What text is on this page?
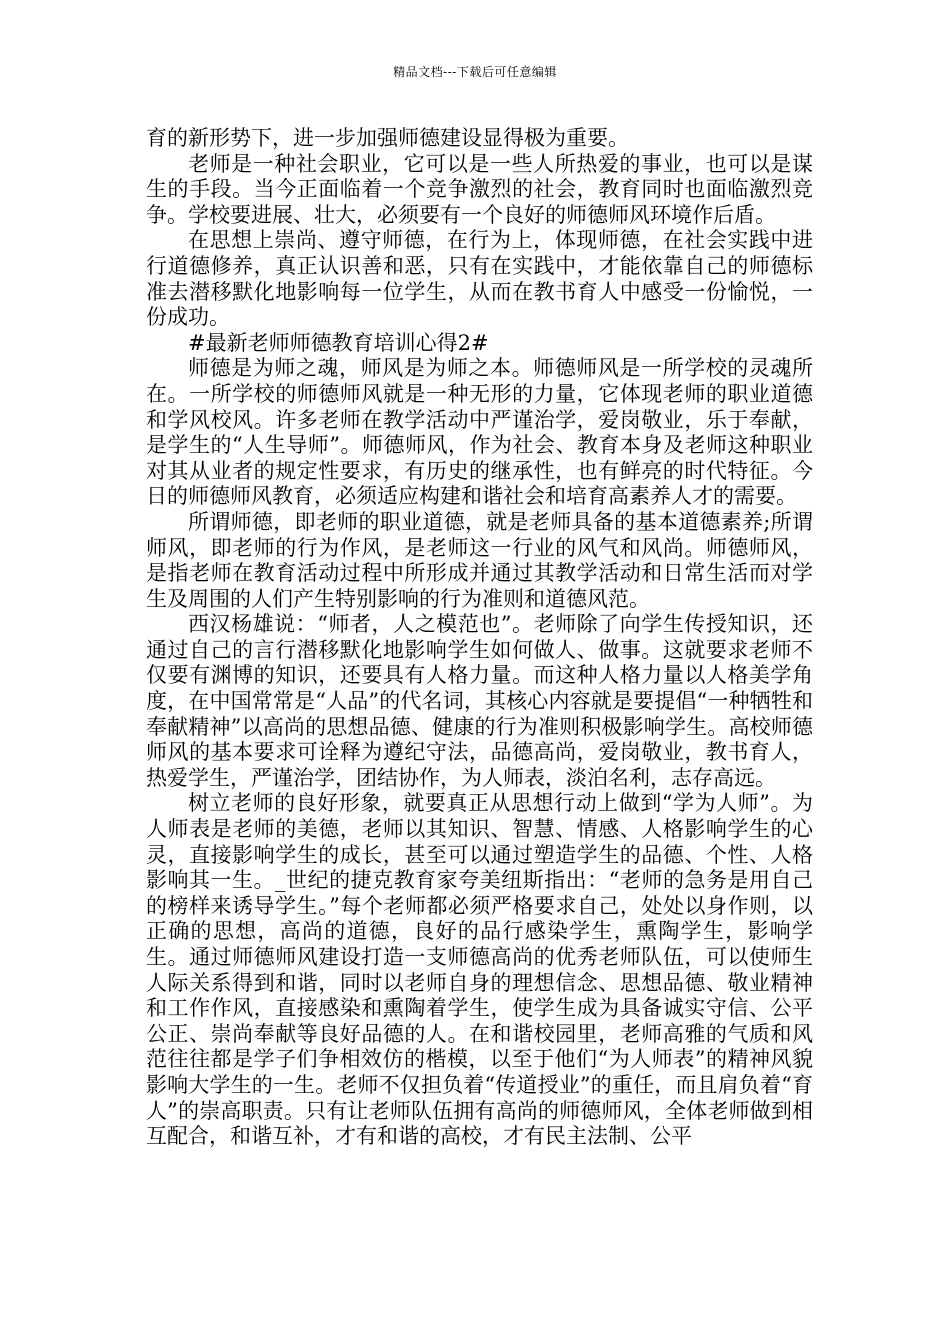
精品文档---下载后可任意编辑

育的新形势下，进一步加强师德建设显得极为重要。

老师是一种社会职业，它可以是一些人所热爱的事业，也可以是谋生的手段。当今正面临着一个竞争激烈的社会，教育同时也面临激烈竞争。学校要进展、壮大，必须要有一个良好的师德师风环境作后盾。

在思想上崇尚、遵守师德，在行为上，体现师德，在社会实践中进行道德修养，真正认识善和恶，只有在实践中，才能依靠自己的师德标准去潜移默化地影响每一位学生，从而在教书育人中感受一份愉悦，一份成功。

#最新老师师德教育培训心得2#

师德是为师之魂，师风是为师之本。师德师风是一所学校的灵魂所在。一所学校的师德师风就是一种无形的力量，它体现老师的职业道德和学风校风。许多老师在教学活动中严谨治学，爱岗敬业，乐于奉献，是学生的“人生导师”。师德师风，作为社会、教育本身及老师这种职业对其从业者的规定性要求，有历史的继承性，也有鲜亮的时代特征。今日的师德师风教育，必须适应构建和谐社会和培育高素养人才的需要。

所谓师德，即老师的职业道德，就是老师具备的基本道德素养;所谓师风，即老师的行为作风，是老师这一行业的风气和风尚。师德师风，是指老师在教育活动过程中所形成并通过其教学活动和日常生活而对学生及周围的人们产生特别影响的行为准则和道德风范。

西汉杨雄说：“师者，人之模范也”。老师除了向学生传授知识，还通过自己的言行潜移默化地影响学生如何做人、做事。这就要求老师不仅要有渊博的知识，还要具有人格力量。而这种人格力量以人格美学角度，在中国常常是“人品”的代名词，其核心内容就是要提倡“一种牺牲和奉献精神”以高尚的思想品德、健康的行为准则积极影响学生。高校师德师风的基本要求可诠释为遵纪守法，品德高尚，爱岗敬业，教书育人，热爱学生，严谨治学，团结协作，为人师表，淡泊名利，志存高远。

树立老师的良好形象，就要真正从思想行动上做到“学为人师”。为人师表是老师的美德，老师以其知识、智慧、情感、人格影响学生的心灵，直接影响学生的成长，甚至可以通过塑造学生的品德、个性、人格影响其一生。_世纪的捷克教育家夸美纽斯指出：“老师的急务是用自己的榜样来诱导学生。”每个老师都必须严格要求自己，处处以身作则，以正确的思想，高尚的道德，良好的品行感染学生，熏陶学生，影响学生。通过师德师风建设打造一支师德高尚的优秀老师队伍，可以使师生人际关系得到和谐，同时以老师自身的理想信念、思想品德、敬业精神和工作作风，直接感染和熏陶着学生，使学生成为具备诚实守信、公平公正、崇尚奉献等良好品德的人。在和谐校园里，老师高雅的气质和风范往往都是学子们争相效仿的楷模，以至于他们“为人师表”的精神风貌影响大学生的一生。老师不仅担负着“传道授业”的重任，而且肩负着“育人”的崇高职责。只有让老师队伍拥有高尚的师德师风，全体老师做到相互配合，和谐互补，才有和谐的高校，才有民主法制、公平
